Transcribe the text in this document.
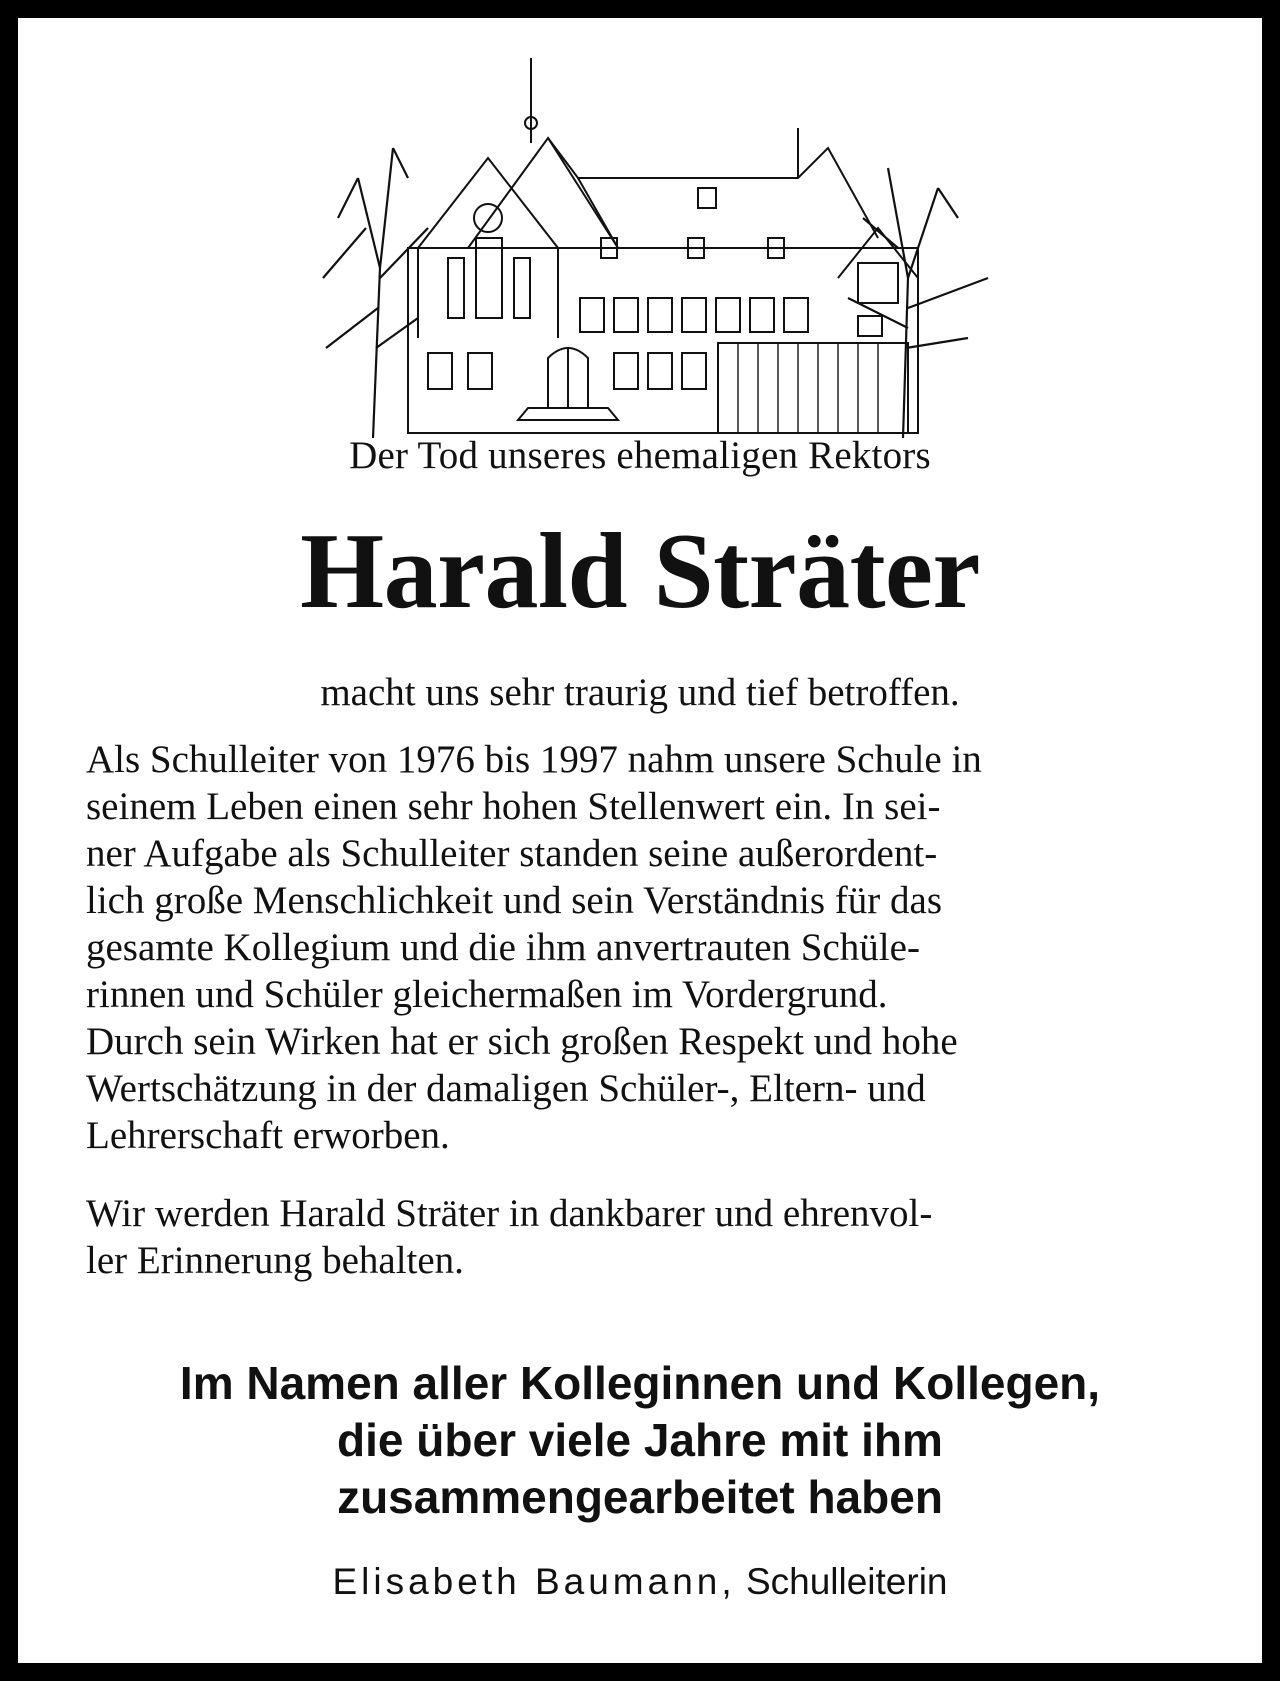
Der Tod unseres ehemaligen Rektors
Harald Sträter
macht uns sehr traurig und tief betroffen.

Als Schulleiter von 1976 bis 1997 nahm unsere Schule in

seinem Leben einen sehr hohen Stellenwert ein. In sei-

ner Aufgabe als Schulleiter standen seine außerordent-

lich große Menschlichkeit und sein Verständnis für das

gesamte Kollegium und die ihm anvertrauten Schüle-

rinnen und Schüler gleichermaßen im Vordergrund.

Durch sein Wirken hat er sich großen Respekt und hohe

Wertschätzung in der damaligen Schüler-, Eltern- und

Lehrerschaft erworben.

Wir werden Harald Sträter in dankbarer und ehrenvol-

ler Erinnerung behalten.

Im Namen aller Kolleginnen und Kollegen,
die über viele Jahre mit ihm
zusammengearbeitet haben
Elisabeth Baumann, Schulleiterin
